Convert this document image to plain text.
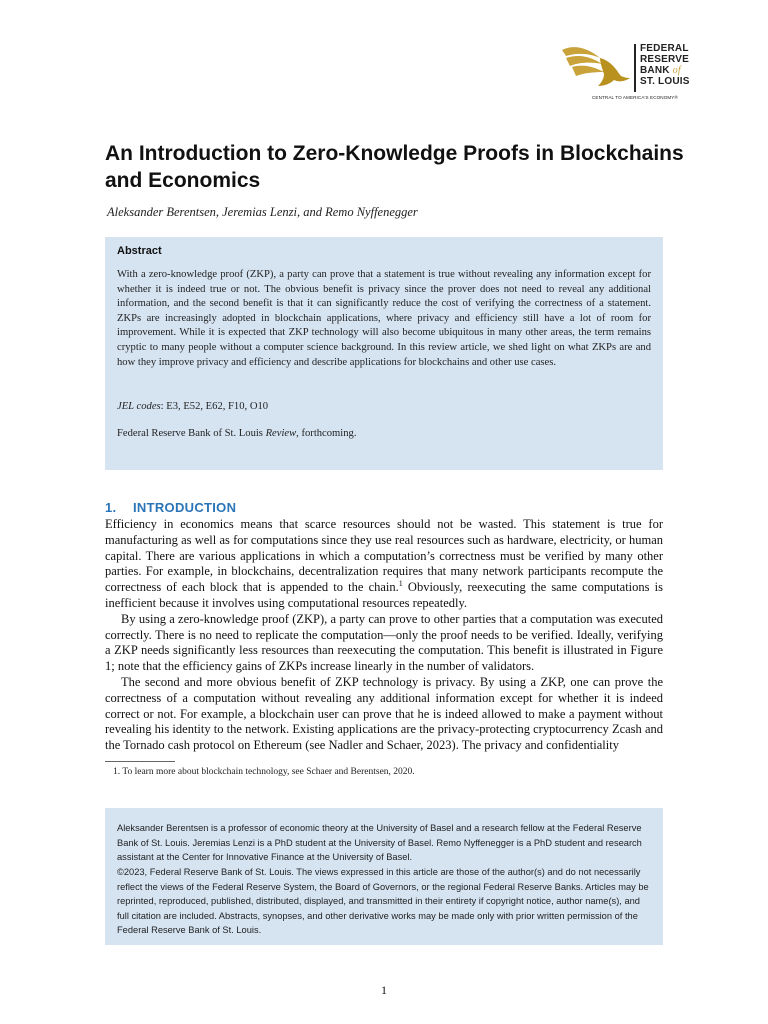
FEDERAL
RESERVE
BANK of
ST. LOUIS
CENTRAL TO AMERICA'S ECONOMY®
An Introduction to Zero-Knowledge Proofs in Blockchains and Economics
Aleksander Berentsen, Jeremias Lenzi, and Remo Nyffenegger
Abstract

With a zero-knowledge proof (ZKP), a party can prove that a statement is true without revealing any information except for whether it is indeed true or not. The obvious benefit is privacy since the prover does not need to reveal any additional information, and the second benefit is that it can significantly reduce the cost of verifying the correctness of a statement. ZKPs are increasingly adopted in blockchain applications, where privacy and efficiency still have a lot of room for improvement. While it is expected that ZKP technology will also become ubiquitous in many other areas, the term remains cryptic to many people without a computer science background. In this review article, we shed light on what ZKPs are and how they improve privacy and efficiency and describe applications for blockchains and other use cases.

JEL codes: E3, E52, E62, F10, O10
Federal Reserve Bank of St. Louis Review, forthcoming.
1. INTRODUCTION

Efficiency in economics means that scarce resources should not be wasted. This statement is true for manufacturing as well as for computations since they use real resources such as hardware, electricity, or human capital. There are various applications in which a computation’s correctness must be verified by many other parties. For example, in blockchains, decentralization requires that many network participants recompute the correctness of each block that is appended to the chain.$^1$ Obviously, reexecuting the same computations is inefficient because it involves using computational resources repeatedly.

By using a zero-knowledge proof (ZKP), a party can prove to other parties that a computation was executed correctly. There is no need to replicate the computation—only the proof needs to be verified. Ideally, verifying a ZKP needs significantly less resources than reexecuting the computation. This benefit is illustrated in Figure 1; note that the efficiency gains of ZKPs increase linearly in the number of validators.

The second and more obvious benefit of ZKP technology is privacy. By using a ZKP, one can prove the correctness of a computation without revealing any additional information except for whether it is indeed correct or not. For example, a blockchain user can prove that he is indeed allowed to make a payment without revealing his identity to the network. Existing applications are the privacy-protecting cryptocurrency Zcash and the Tornado cash protocol on Ethereum (see Nadler and Schaer, 2023). The privacy and confidentiality

1. To learn more about blockchain technology, see Schaer and Berentsen, 2020.

Aleksander Berentsen is a professor of economic theory at the University of Basel and a research fellow at the Federal Reserve Bank of St. Louis. Jeremias Lenzi is a PhD student at the University of Basel. Remo Nyffenegger is a PhD student and research assistant at the Center for Innovative Finance at the University of Basel.

©2023, Federal Reserve Bank of St. Louis. The views expressed in this article are those of the author(s) and do not necessarily reflect the views of the Federal Reserve System, the Board of Governors, or the regional Federal Reserve Banks. Articles may be reprinted, reproduced, published, distributed, displayed, and transmitted in their entirety if copyright notice, author name(s), and full citation are included. Abstracts, synopses, and other derivative works may be made only with prior written permission of the Federal Reserve Bank of St. Louis.

1
